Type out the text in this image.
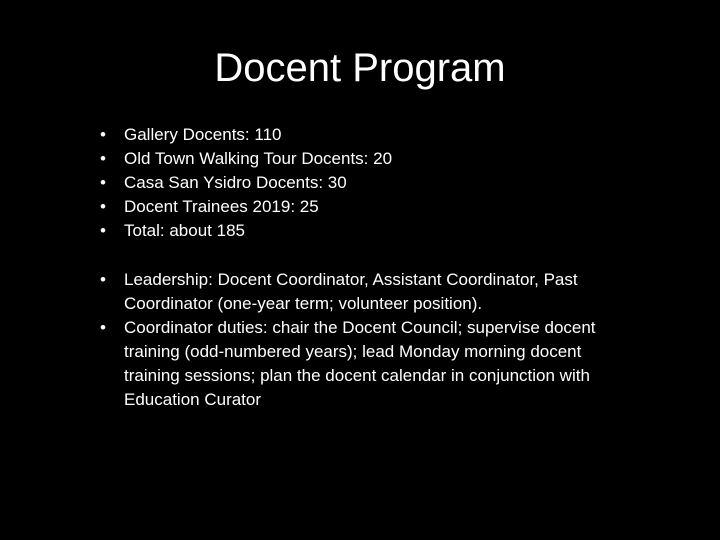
Docent Program
•	Gallery Docents: 110
•	Old Town Walking Tour Docents: 20
•	Casa San Ysidro Docents: 30
•	Docent Trainees 2019: 25
•	Total: about 185
•	Leadership: Docent Coordinator, Assistant Coordinator, Past Coordinator (one-year term; volunteer position).
•	Coordinator duties: chair the Docent Council; supervise docent training (odd-numbered years); lead Monday morning docent training sessions; plan the docent calendar in conjunction with Education Curator
